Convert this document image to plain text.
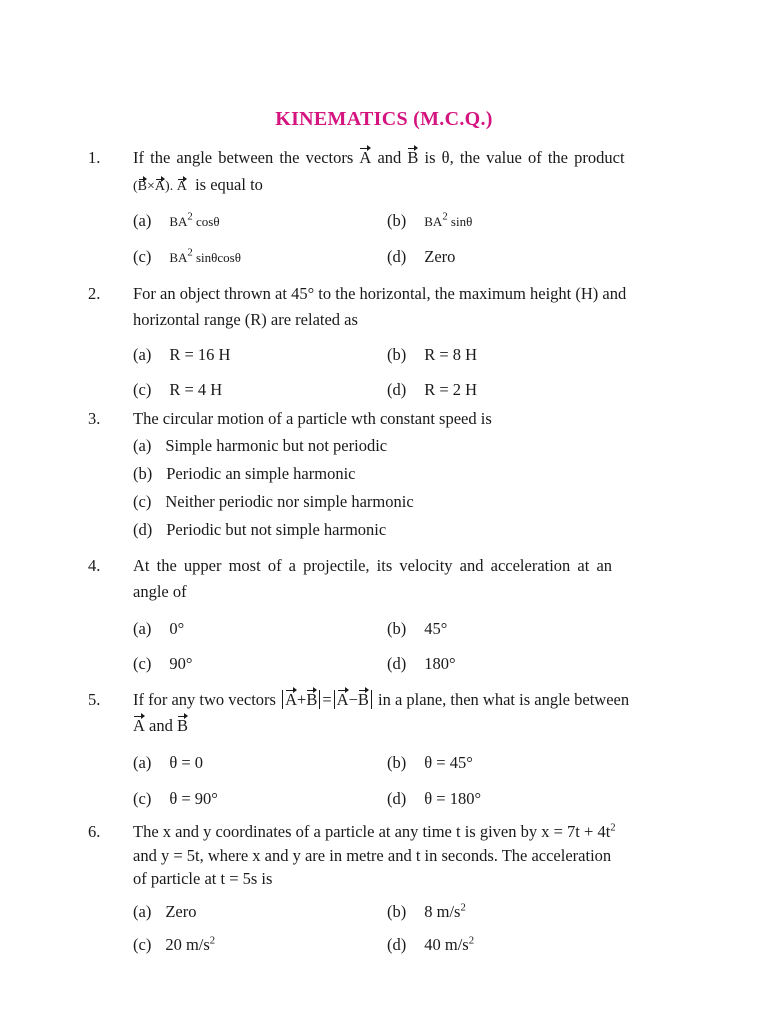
KINEMATICS (M.C.Q.)
1. If the angle between the vectors A and B is θ, the value of the product
(B×A). A is equal to
(a) $BA^2$ cosθ	(b) $BA^2$ sinθ
(c) $BA^2$ sinθcosθ	(d) Zero
2. For an object thrown at 45° to the horizontal, the maximum height (H) and
horizontal range (R) are related as
(a) R = 16 H	(b) R = 8 H
(c) R = 4 H	(d) R = 2 H
3. The circular motion of a particle wth constant speed is
(a) Simple harmonic but not periodic
(b) Periodic an simple harmonic
(c) Neither periodic nor simple harmonic
(d) Periodic but not simple harmonic
4. At the upper most of a projectile, its velocity and acceleration at an
angle of
(a) 0°	(b) 45°
(c) 90°	(d) 180°
5. If for any two vectors A+B = A−B in a plane, then what is angle between
A and B
(a) θ = 0	(b) θ = 45°
(c) θ = 90°	(d) θ = 180°
6. The x and y coordinates of a particle at any time t is given by $x = 7t + 4t^2$
and y = 5t, where x and y are in metre and t in seconds. The acceleration
of particle at t = 5s is
(a) Zero	(b) 8 $m/s^2$
(c) 20 $m/s^2$	(d) 40 $m/s^2$
